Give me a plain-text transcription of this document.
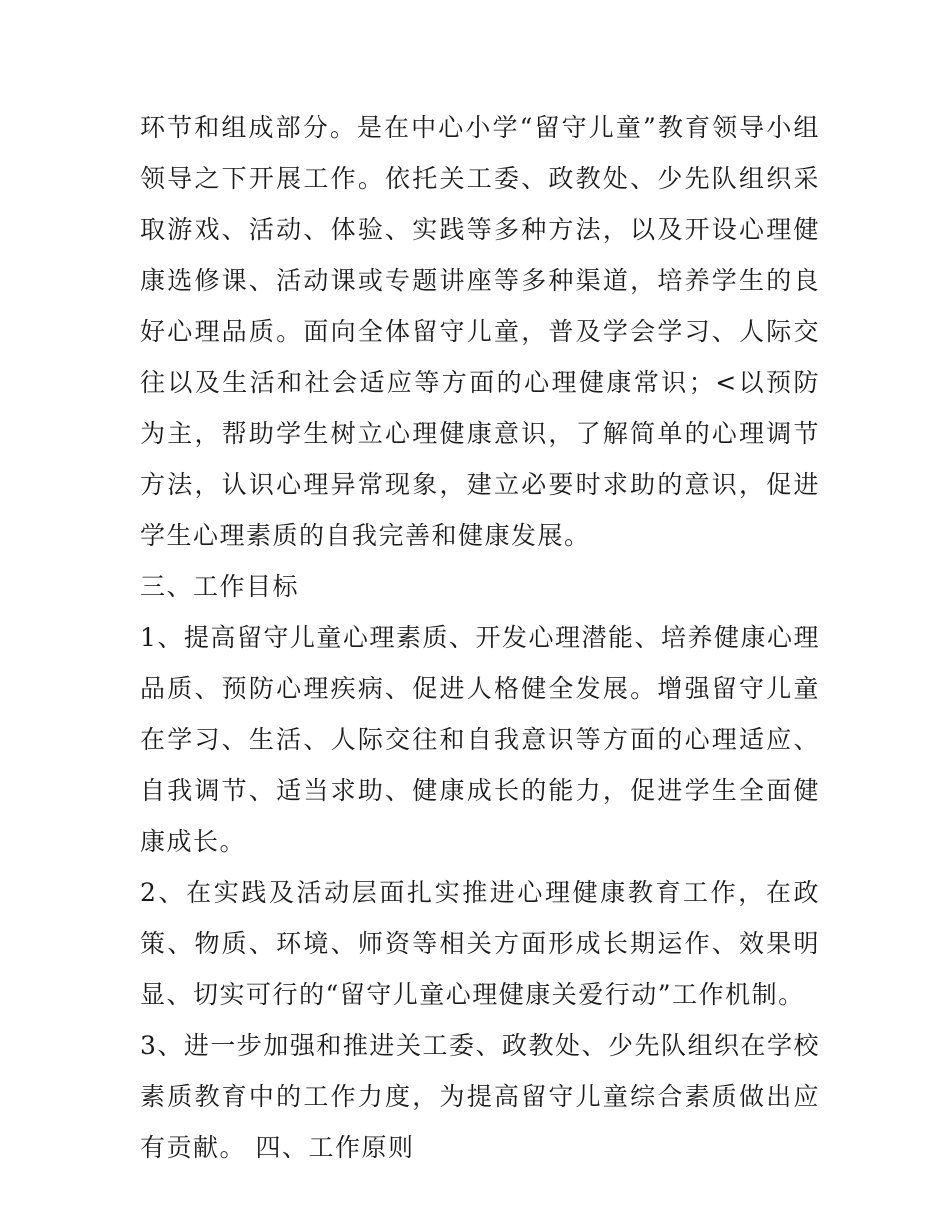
环节和组成部分。是在中心小学“留守儿童”教育领导小组领导之下开展工作。依托关工委、政教处、少先队组织采取游戏、活动、体验、实践等多种方法，以及开设心理健康选修课、活动课或专题讲座等多种渠道，培养学生的良好心理品质。面向全体留守儿童，普及学会学习、人际交往以及生活和社会适应等方面的心理健康常识；<以预防为主，帮助学生树立心理健康意识，了解简单的心理调节方法，认识心理异常现象，建立必要时求助的意识，促进学生心理素质的自我完善和健康发展。

三、工作目标

1、提高留守儿童心理素质、开发心理潜能、培养健康心理品质、预防心理疾病、促进人格健全发展。增强留守儿童在学习、生活、人际交往和自我意识等方面的心理适应、自我调节、适当求助、健康成长的能力，促进学生全面健康成长。

2、在实践及活动层面扎实推进心理健康教育工作，在政策、物质、环境、师资等相关方面形成长期运作、效果明显、切实可行的“留守儿童心理健康关爱行动”工作机制。

3、进一步加强和推进关工委、政教处、少先队组织在学校素质教育中的工作力度，为提高留守儿童综合素质做出应有贡献。 四、工作原则
